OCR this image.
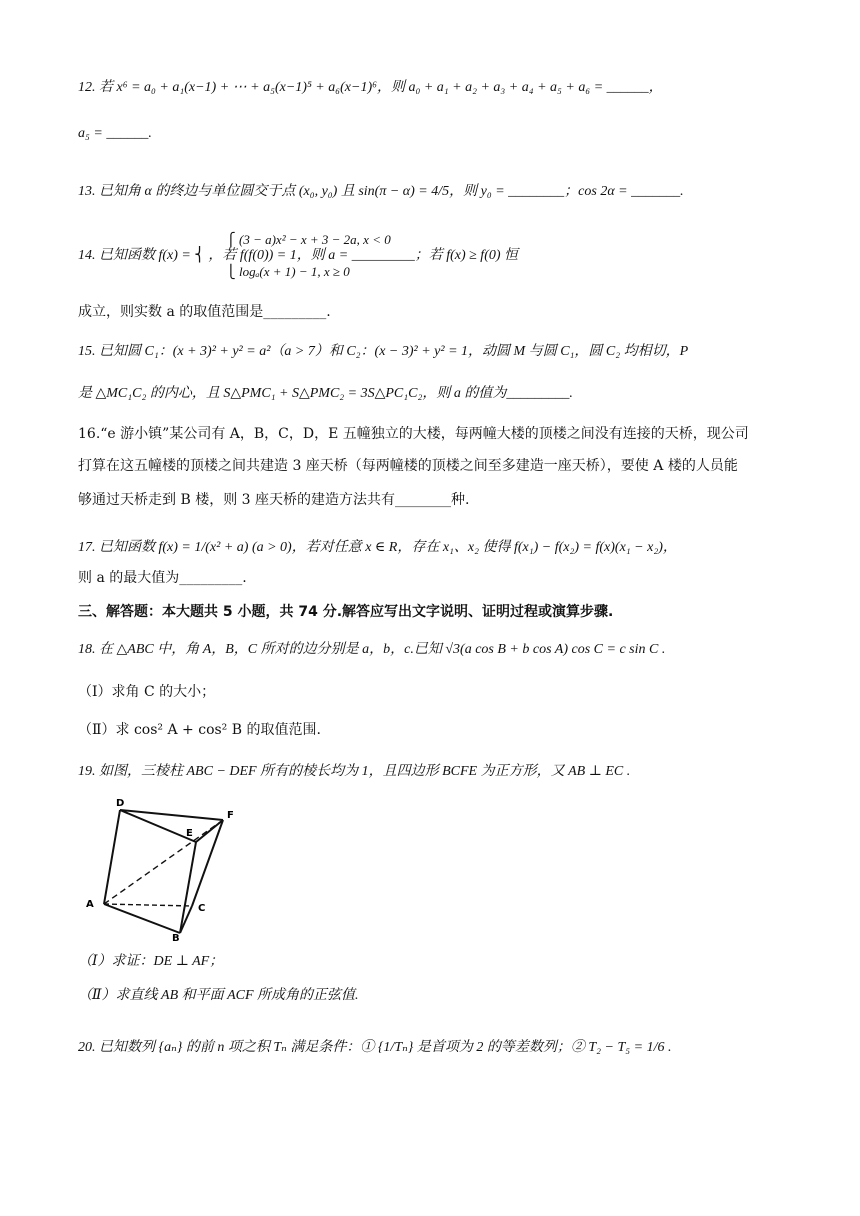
12. 若 x⁶ = a₀ + a₁(x−1) + ⋯ + a₅(x−1)⁵ + a₆(x−1)⁶，则 a₀ + a₁ + a₂ + a₃ + a₄ + a₅ + a₆ = ______，
a₅ = ______.
13. 已知角 α 的终边与单位圆交于点 (x₀, y₀) 且 sin(π − α) = 4/5，则 y₀ = ________；cos 2α = _______.
⎧ (3 − a)x² − x + 3 − 2a, x < 0
14. 已知函数 f(x) = ⎨ ，若 f(f(0)) = 1，则 a = _________；若 f(x) ≥ f(0) 恒
⎩ logₐ(x + 1) − 1, x ≥ 0
成立，则实数 a 的取值范围是_________.
15. 已知圆 C₁：(x + 3)² + y² = a²（a > 7）和 C₂：(x − 3)² + y² = 1，动圆 M 与圆 C₁，圆 C₂ 均相切，P
是 △MC₁C₂ 的内心，且 S△PMC₁ + S△PMC₂ = 3S△PC₁C₂，则 a 的值为_________.
16.“e 游小镇”某公司有 A，B，C，D，E 五幢独立的大楼，每两幢大楼的顶楼之间没有连接的天桥，现公司
打算在这五幢楼的顶楼之间共建造 3 座天桥（每两幢楼的顶楼之间至多建造一座天桥），要使 A 楼的人员能
够通过天桥走到 B 楼，则 3 座天桥的建造方法共有________种.
17. 已知函数 f(x) = 1/(x² + a) (a > 0)，若对任意 x ∈ R，存在 x₁、x₂ 使得 f(x₁) − f(x₂) = f(x)(x₁ − x₂)，
则 a 的最大值为_________.
三、解答题：本大题共 5 小题，共 74 分.解答应写出文字说明、证明过程或演算步骤.
18. 在 △ABC 中，角 A，B，C 所对的边分别是 a，b，c.已知 √3(a cos B + b cos A) cos C = c sin C .
（Ⅰ）求角 C 的大小；
（Ⅱ）求 cos² A + cos² B 的取值范围.
19. 如图，三棱柱 ABC − DEF 所有的棱长均为 1，且四边形 BCFE 为正方形，又 AB ⊥ EC .
D
E
F
A	C
B
（Ⅰ）求证：DE ⊥ AF；
（Ⅱ）求直线 AB 和平面 ACF 所成角的正弦值.
20. 已知数列 {aₙ} 的前 n 项之积 Tₙ 满足条件：① {1/Tₙ} 是首项为 2 的等差数列；② T₂ − T₅ = 1/6 .
